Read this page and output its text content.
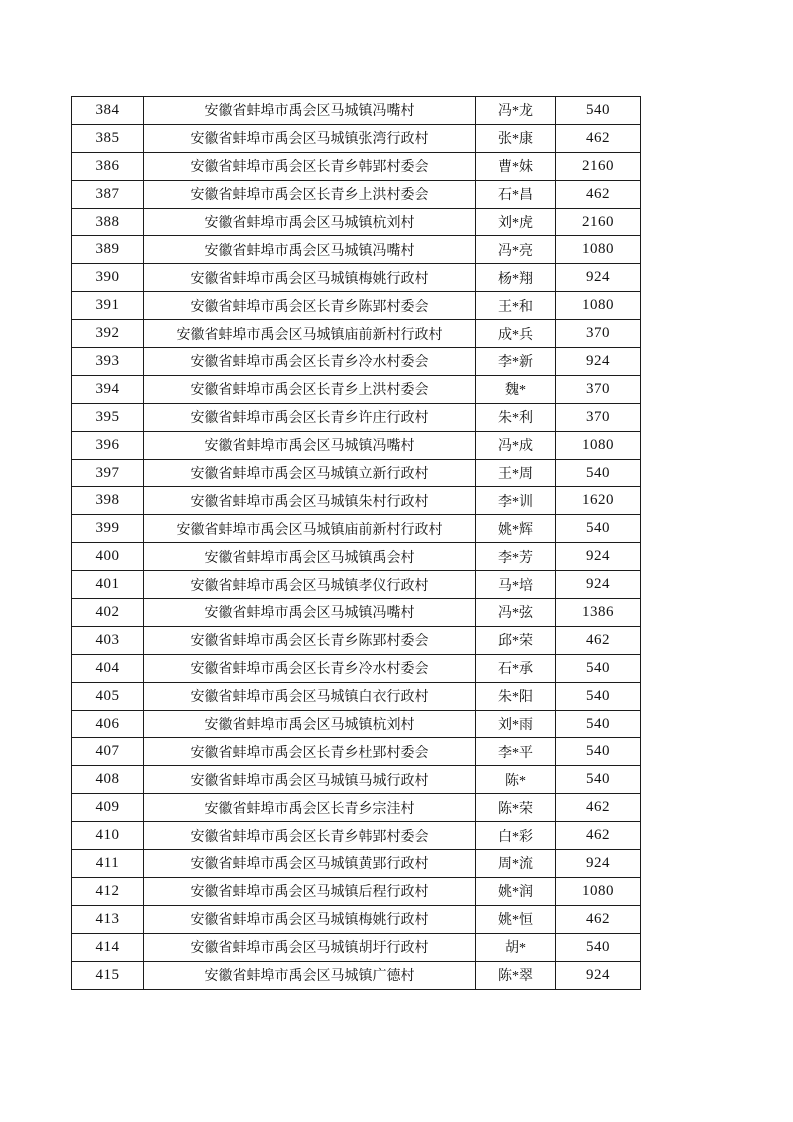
384	安徽省蚌埠市禹会区马城镇冯嘴村	冯*龙	540
385	安徽省蚌埠市禹会区马城镇张湾行政村	张*康	462
386	安徽省蚌埠市禹会区长青乡韩郢村委会	曹*妹	2160
387	安徽省蚌埠市禹会区长青乡上洪村委会	石*昌	462
388	安徽省蚌埠市禹会区马城镇杭刘村	刘*虎	2160
389	安徽省蚌埠市禹会区马城镇冯嘴村	冯*亮	1080
390	安徽省蚌埠市禹会区马城镇梅姚行政村	杨*翔	924
391	安徽省蚌埠市禹会区长青乡陈郢村委会	王*和	1080
392	安徽省蚌埠市禹会区马城镇庙前新村行政村	成*兵	370
393	安徽省蚌埠市禹会区长青乡冷水村委会	李*新	924
394	安徽省蚌埠市禹会区长青乡上洪村委会	魏*	370
395	安徽省蚌埠市禹会区长青乡许庄行政村	朱*利	370
396	安徽省蚌埠市禹会区马城镇冯嘴村	冯*成	1080
397	安徽省蚌埠市禹会区马城镇立新行政村	王*周	540
398	安徽省蚌埠市禹会区马城镇朱村行政村	李*训	1620
399	安徽省蚌埠市禹会区马城镇庙前新村行政村	姚*辉	540
400	安徽省蚌埠市禹会区马城镇禹会村	李*芳	924
401	安徽省蚌埠市禹会区马城镇孝仪行政村	马*培	924
402	安徽省蚌埠市禹会区马城镇冯嘴村	冯*弦	1386
403	安徽省蚌埠市禹会区长青乡陈郢村委会	邱*荣	462
404	安徽省蚌埠市禹会区长青乡冷水村委会	石*承	540
405	安徽省蚌埠市禹会区马城镇白衣行政村	朱*阳	540
406	安徽省蚌埠市禹会区马城镇杭刘村	刘*雨	540
407	安徽省蚌埠市禹会区长青乡杜郢村委会	李*平	540
408	安徽省蚌埠市禹会区马城镇马城行政村	陈*	540
409	安徽省蚌埠市禹会区长青乡宗洼村	陈*荣	462
410	安徽省蚌埠市禹会区长青乡韩郢村委会	白*彩	462
411	安徽省蚌埠市禹会区马城镇黄郢行政村	周*流	924
412	安徽省蚌埠市禹会区马城镇后程行政村	姚*润	1080
413	安徽省蚌埠市禹会区马城镇梅姚行政村	姚*恒	462
414	安徽省蚌埠市禹会区马城镇胡圩行政村	胡*	540
415	安徽省蚌埠市禹会区马城镇广德村	陈*翠	924
